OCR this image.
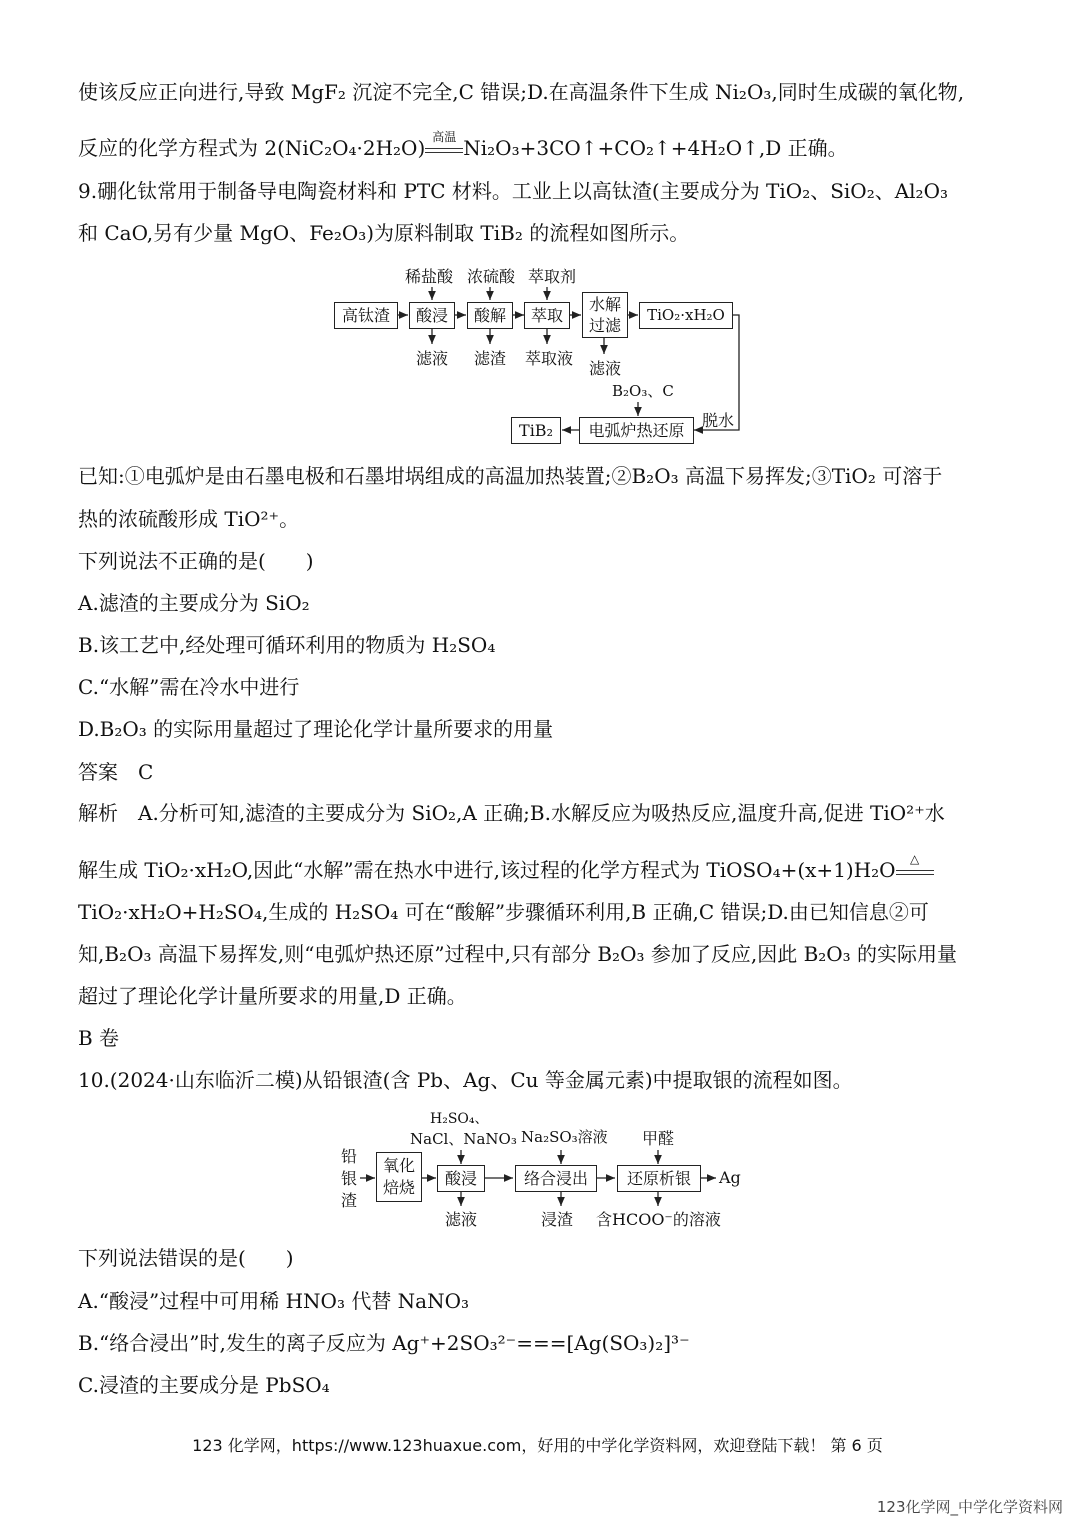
使该反应正向进行,导致 MgF₂ 沉淀不完全,C 错误;D.在高温条件下生成 Ni₂O₃,同时生成碳的氧化物,
反应的化学方程式为 2(NiC₂O₄·2H₂O) 高温 Ni₂O₃+3CO↑+CO₂↑+4H₂O↑,D 正确。
9.硼化钛常用于制备导电陶瓷材料和 PTC 材料。工业上以高钛渣(主要成分为 TiO₂、SiO₂、Al₂O₃
和 CaO,另有少量 MgO、Fe₂O₃)为原料制取 TiB₂ 的流程如图所示。
高钛渣	酸浸	酸解	萃取
水解过滤
TiO₂·xH₂O
电弧炉热还原
TiB₂
稀盐酸 浓硫酸 萃取剂
B₂O₃、C
滤液 滤渣 萃取液
滤液
脱水
已知:①电弧炉是由石墨电极和石墨坩埚组成的高温加热装置;②B₂O₃ 高温下易挥发;③TiO₂ 可溶于
热的浓硫酸形成 TiO²⁺。
下列说法不正确的是(　　)
A.滤渣的主要成分为 SiO₂
B.该工艺中,经处理可循环利用的物质为 H₂SO₄
C.“水解”需在冷水中进行
D.B₂O₃ 的实际用量超过了理论化学计量所要求的用量
答案　C
解析　A.分析可知,滤渣的主要成分为 SiO₂,A 正确;B.水解反应为吸热反应,温度升高,促进 TiO²⁺水
解生成 TiO₂·xH₂O,因此“水解”需在热水中进行,该过程的化学方程式为 TiOSO₄+(x+1)H₂O	△
TiO₂·xH₂O+H₂SO₄,生成的 H₂SO₄ 可在“酸解”步骤循环利用,B 正确,C 错误;D.由已知信息②可
知,B₂O₃ 高温下易挥发,则“电弧炉热还原”过程中,只有部分 B₂O₃ 参加了反应,因此 B₂O₃ 的实际用量
超过了理论化学计量所要求的用量,D 正确。
B 卷
10.(2024·山东临沂二模)从铅银渣(含 Pb、Ag、Cu 等金属元素)中提取银的流程如图。
铅银渣
氧化焙烧	酸浸	络合浸出	还原析银
H₂SO₄、
NaCl、NaNO₃ Na₂SO₃溶液 甲醛
滤液	浸渣 含HCOO⁻的溶液
Ag
下列说法错误的是(　　)
A.“酸浸”过程中可用稀 HNO₃ 代替 NaNO₃
B.“络合浸出”时,发生的离子反应为 Ag⁺+2SO₃²⁻===[Ag(SO₃)₂]³⁻
C.浸渣的主要成分是 PbSO₄
123 化学网，https://www.123huaxue.com，好用的中学化学资料网，欢迎登陆下载！ 第 6 页
123化学网_中学化学资料网
